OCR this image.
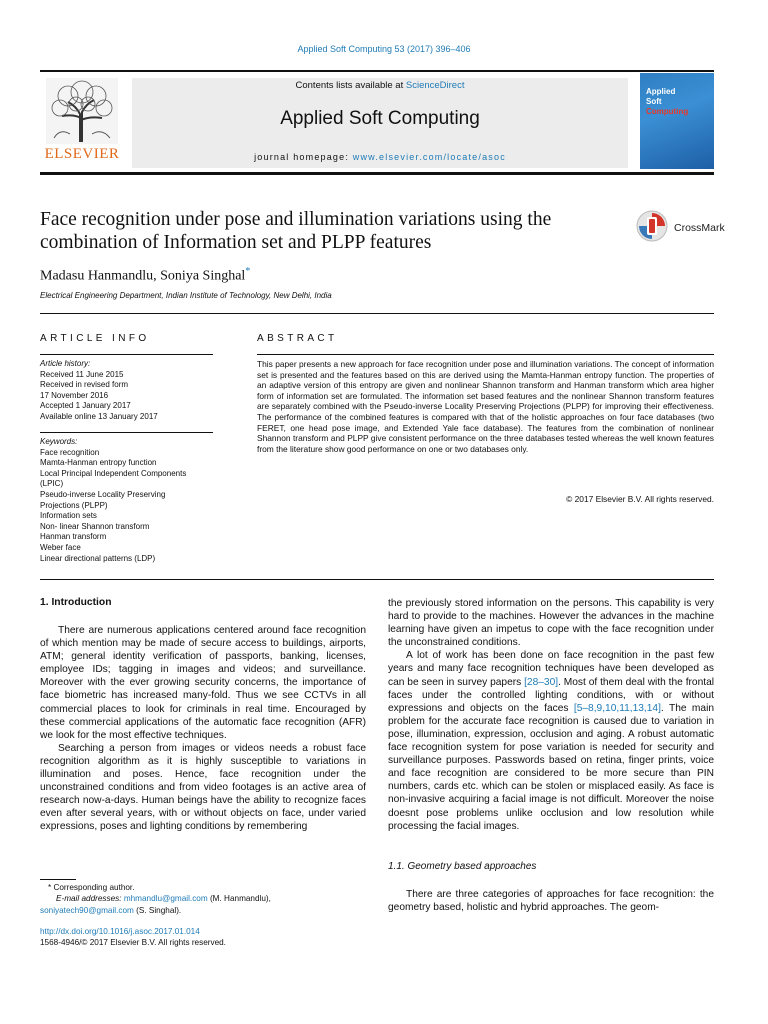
Applied Soft Computing 53 (2017) 396–406
ELSEVIER
Contents lists available at ScienceDirect
Applied Soft Computing
journal homepage: www.elsevier.com/locate/asoc
Applied
Soft
Computing
Face recognition under pose and illumination variations using the combination of Information set and PLPP features
CrossMark
Madasu Hanmandlu, Soniya Singhal*
Electrical Engineering Department, Indian Institute of Technology, New Delhi, India
ARTICLE INFO
Article history:
Received 11 June 2015
Received in revised form
17 November 2016
Accepted 1 January 2017
Available online 13 January 2017
Keywords:
Face recognition
Mamta-Hanman entropy function
Local Principal Independent Components
(LPIC)
Pseudo-inverse Locality Preserving
Projections (PLPP)
Information sets
Non- linear Shannon transform
Hanman transform
Weber face
Linear directional patterns (LDP)
ABSTRACT
This paper presents a new approach for face recognition under pose and illumination variations. The concept of information set is presented and the features based on this are derived using the Mamta-Hanman entropy function. The properties of an adaptive version of this entropy are given and nonlinear Shannon transform and Hanman transform which area higher form of information set are formulated. The information set based features and the nonlinear Shannon transform features are separately combined with the Pseudo-inverse Locality Preserving Projections (PLPP) for improving their effectiveness. The performance of the combined features is compared with that of the holistic approaches on four face databases (two FERET, one head pose image, and Extended Yale face database). The features from the combination of nonlinear Shannon transform and PLPP give consistent performance on the three databases tested whereas the well known features from the literature show good performance on one or two databases only.
© 2017 Elsevier B.V. All rights reserved.
1. Introduction

There are numerous applications centered around face recognition of which mention may be made of secure access to buildings, airports, ATM; general identity verification of passports, banking, licenses, employee IDs; tagging in images and videos; and surveillance. Moreover with the ever growing security concerns, the importance of face biometric has increased many-fold. Thus we see CCTVs in all commercial places to look for criminals in real time. Encouraged by these commercial applications of the automatic face recognition (AFR) we look for the most effective techniques.

Searching a person from images or videos needs a robust face recognition algorithm as it is highly susceptible to variations in illumination and poses. Hence, face recognition under the unconstrained conditions and from video footages is an active area of research now-a-days. Human beings have the ability to recognize faces even after several years, with or without objects on face, under varied expressions, poses and lighting conditions by remembering

the previously stored information on the persons. This capability is very hard to provide to the machines. However the advances in the machine learning have given an impetus to cope with the face recognition under the unconstrained conditions.

A lot of work has been done on face recognition in the past few years and many face recognition techniques have been developed as can be seen in survey papers [28–30]. Most of them deal with the frontal faces under the controlled lighting conditions, with or without expressions and objects on the faces [5–8,9,10,11,13,14]. The main problem for the accurate face recognition is caused due to variation in pose, illumination, expression, occlusion and aging. A robust automatic face recognition system for pose variation is needed for security and surveillance purposes. Passwords based on retina, finger prints, voice and face recognition are considered to be more secure than PIN numbers, cards etc. which can be stolen or misplaced easily. As face is non-invasive acquiring a facial image is not difficult. Moreover the noise doesnt pose problems unlike occlusion and low resolution while processing the facial images.

1.1. Geometry based approaches

There are three categories of approaches for face recognition: the geometry based, holistic and hybrid approaches. The geom-

* Corresponding author.
E-mail addresses: mhmandlu@gmail.com (M. Hanmandlu),
soniyatech90@gmail.com (S. Singhal).
http://dx.doi.org/10.1016/j.asoc.2017.01.014
1568-4946/© 2017 Elsevier B.V. All rights reserved.
